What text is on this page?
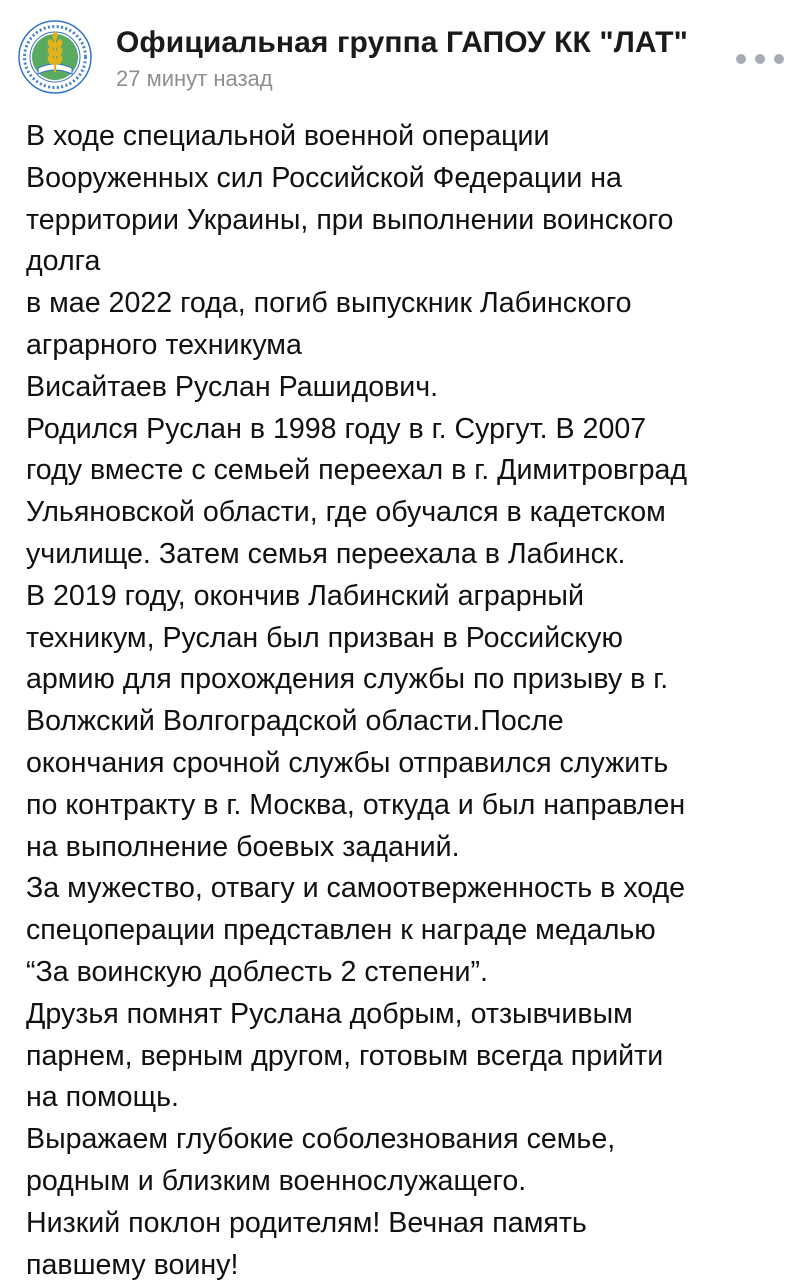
Официальная группа ГАПОУ КК "ЛАТ"
27 минут назад
В ходе специальной военной операции
Вооруженных сил Российской Федерации на
территории Украины, при выполнении воинского
долга
в мае 2022 года, погиб выпускник Лабинского
аграрного техникума
Висайтаев Руслан Рашидович.
Родился Руслан в 1998 году в г. Сургут. В 2007
году вместе с семьей переехал в г. Димитровград
Ульяновской области, где обучался в кадетском
училище. Затем семья переехала в Лабинск.
В 2019 году, окончив Лабинский аграрный
техникум, Руслан был призван в Российскую
армию для прохождения службы по призыву в г.
Волжский Волгоградской области.После
окончания срочной службы отправился служить
по контракту в г. Москва, откуда и был направлен
на выполнение боевых заданий.
За мужество, отвагу и самоотверженность в ходе
спецоперации представлен к награде медалью
“За воинскую доблесть 2 степени”.
Друзья помнят Руслана добрым, отзывчивым
парнем, верным другом, готовым всегда прийти
на помощь.
Выражаем глубокие соболезнования семье,
родным и близким военнослужащего.
Низкий поклон родителям! Вечная память
павшему воину!
